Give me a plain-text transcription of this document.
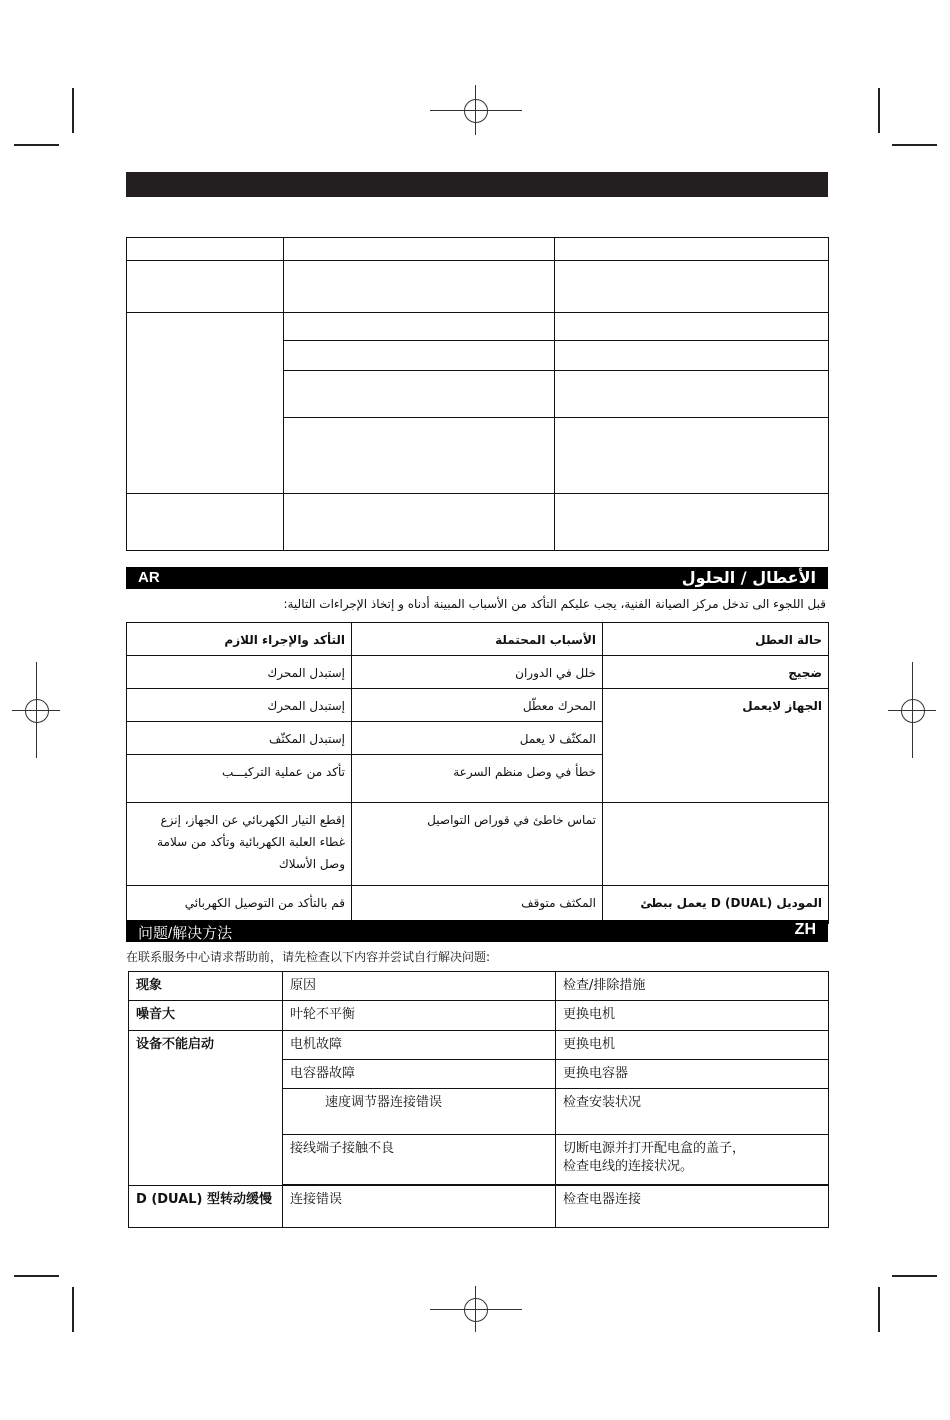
AR	الأعطال / الحلول
قبل اللجوء الى تدخل مركز الصيانة الفنية، يجب عليكم التأكد من الأسباب المبينة أدناه و إتخاذ الإجراءات التالية:
التأكد والإجراء اللازم	الأسباب المحتملة	حالة العطل
إستبدل المحرك	خلل في الدوران	ضجيج
إستبدل المحرك	المحرك معطّل	الجهاز لايعمل
إستبدل المكثّف	المكثّف لا يعمل	
تأكد من عملية التركيـــب	خطأ في وصل منظم السرعة	

إقطع التيار الكهربائي عن الجهاز، إنزع
غطاء العلبة الكهربائية وتأكد من سلامة
وصل الأسلاك	تماس خاطئ في قوراص التواصيل	
قم بالتأكد من التوصيل الكهربائي	المكثف متوقف	الموديل (DUAL) D يعمل ببطئ
问题/解决方法	ZH
在联系服务中心请求帮助前，请先检查以下内容并尝试自行解决问题:
现象	原因	检查/排除措施
噪音大	叶轮不平衡	更换电机
设备不能启动	电机故障	更换电机
	电容器故障	更换电容器
	速度调节器连接错误	检查安装状况
	接线端子接触不良	切断电源并打开配电盒的盖子，
检查电线的连接状况。

D (DUAL) 型转动缓慢	连接错误	检查电器连接
